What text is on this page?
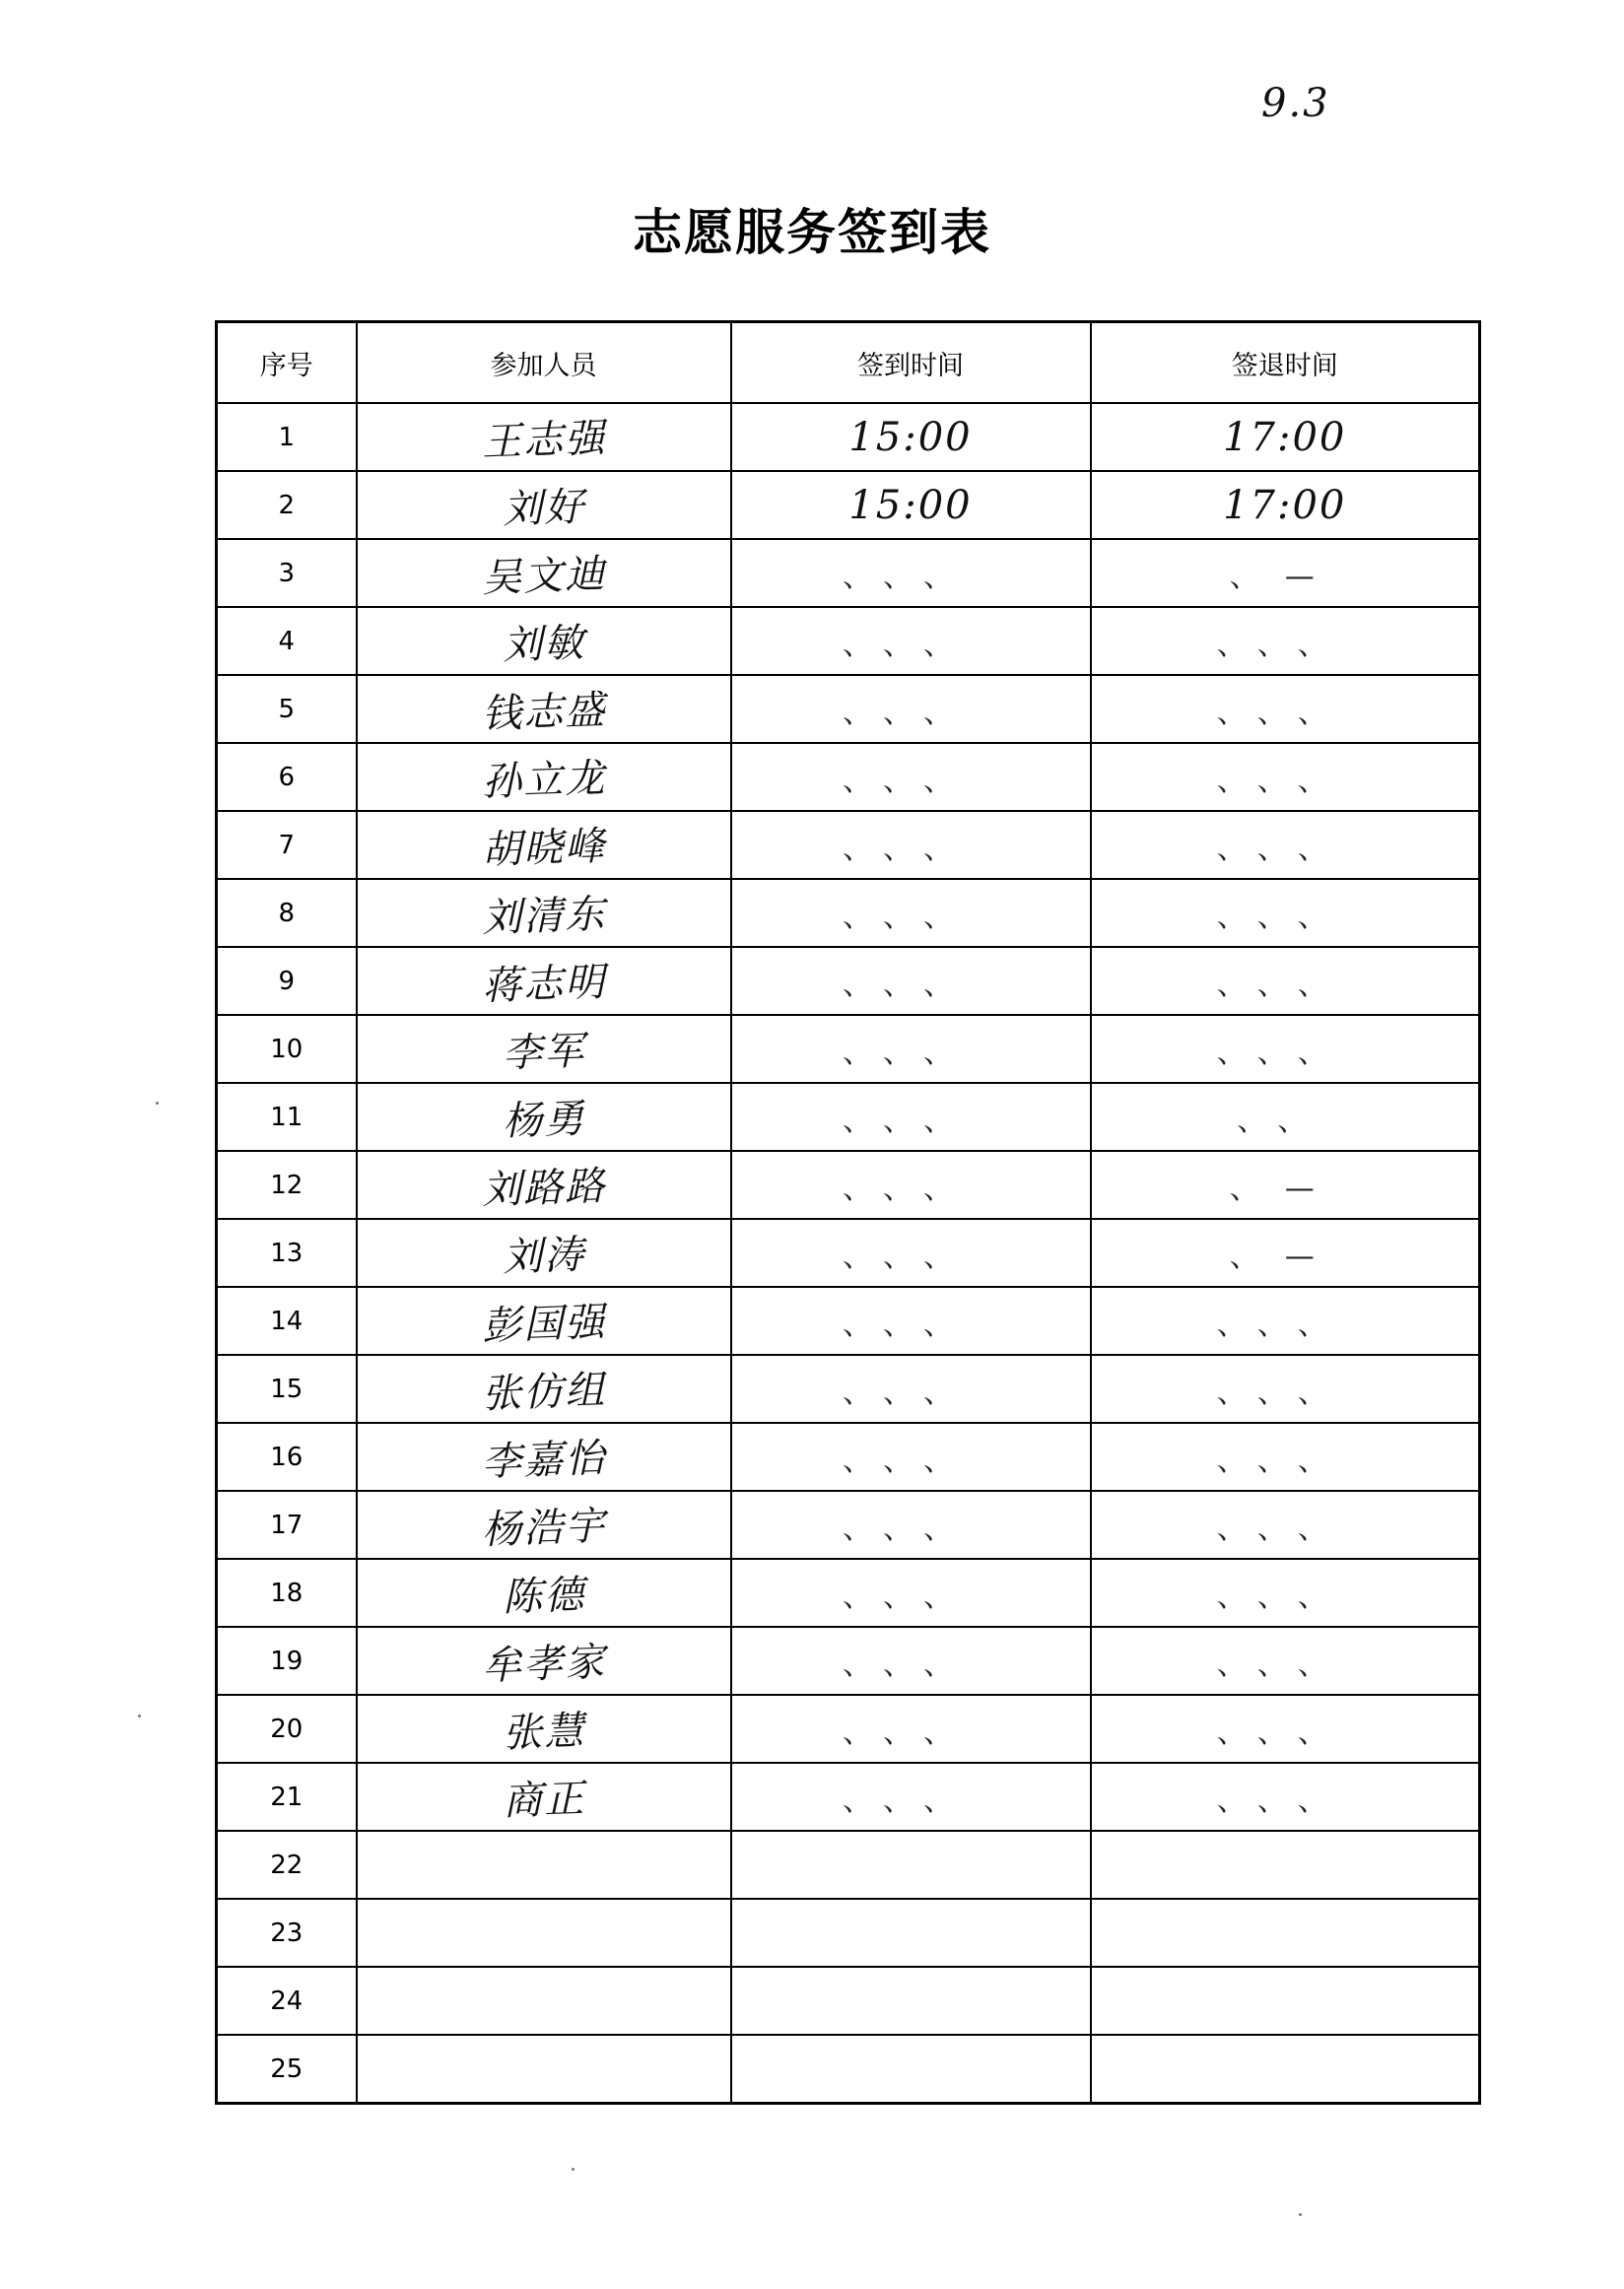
9.3
志愿服务签到表
序号	参加人员	签到时间	签退时间
1	王志强	15:00	17:00
2	刘好	15:00	17:00
3	吴文迪	、、、	、—
4	刘敏	、、、	、、、
5	钱志盛	、、、	、、、
6	孙立龙	、、、	、、、
7	胡晓峰	、、、	、、、
8	刘清东	、、、	、、、
9	蒋志明	、、、	、、、
10	李军	、、、	、、、
11	杨勇	、、、	、、
12	刘路路	、、、	、—
13	刘涛	、、、	、—
14	彭国强	、、、	、、、
15	张仿组	、、、	、、、
16	李嘉怡	、、、	、、、
17	杨浩宇	、、、	、、、
18	陈德	、、、	、、、
19	牟孝家	、、、	、、、
20	张慧	、、、	、、、
21	商正	、、、	、、、
22			
23			
24			
25			
